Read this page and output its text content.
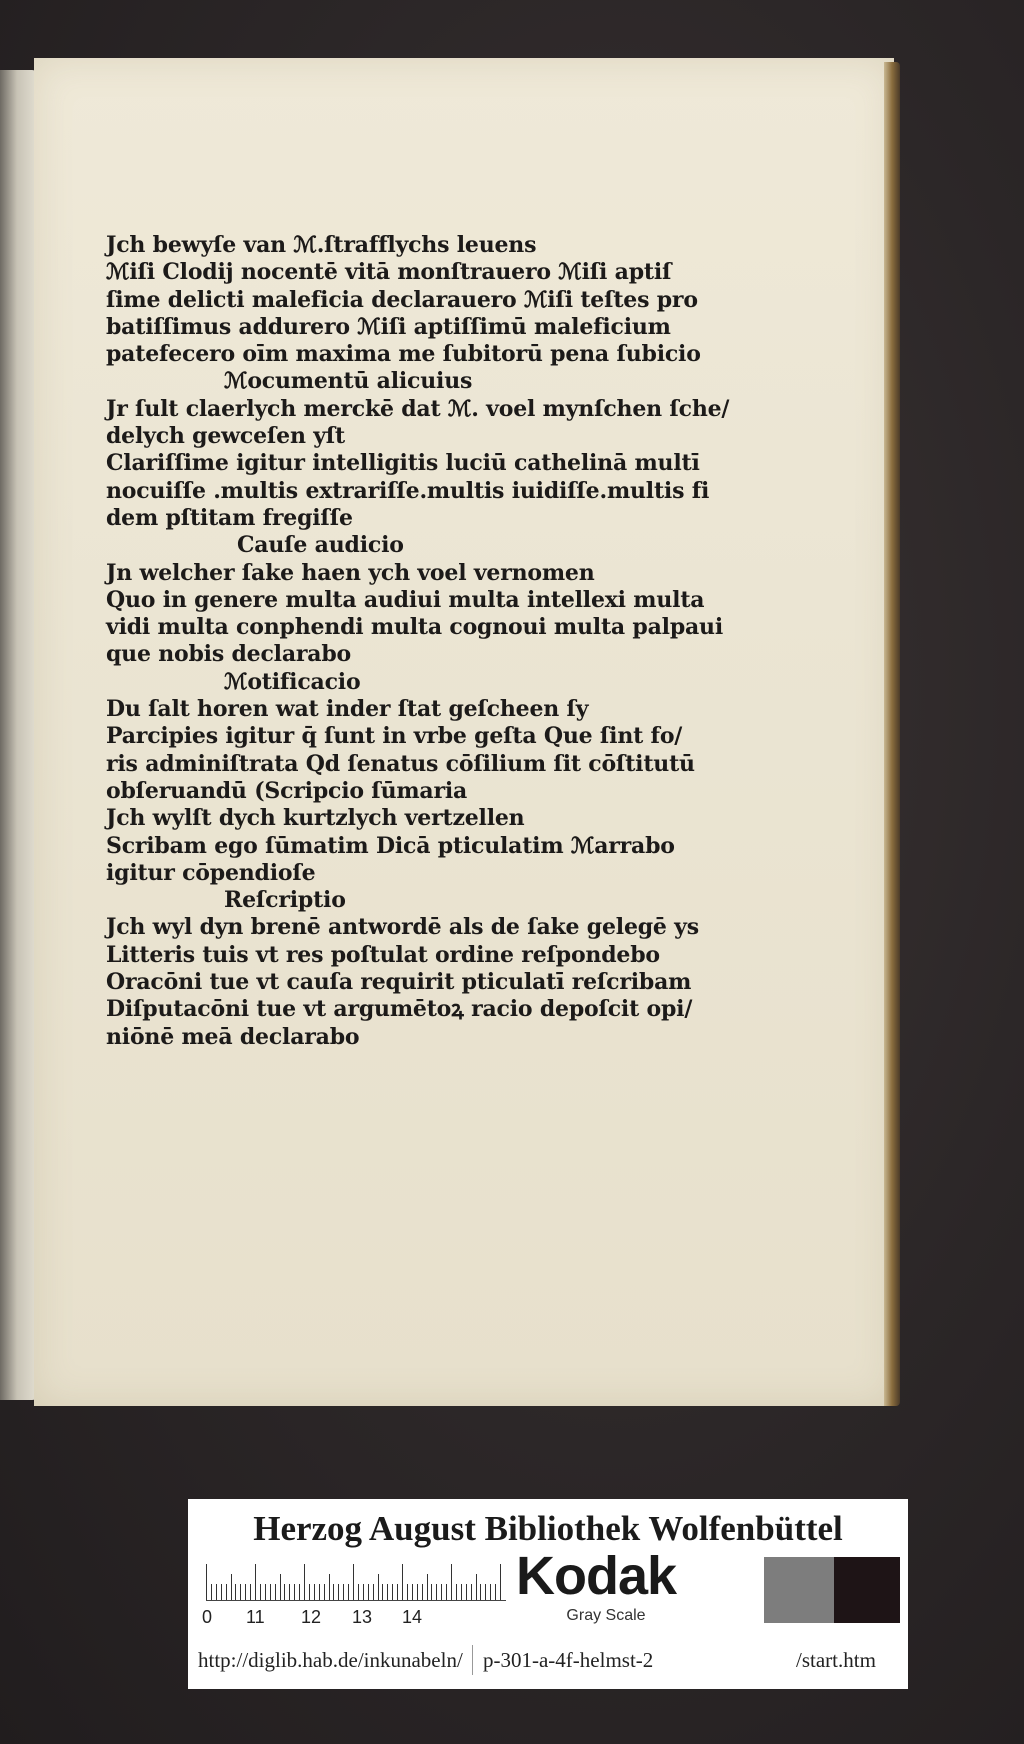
Jch bewyſe van ℳ.ſtrafflychs leuens
ℳiſi Clodij nocentē vitā monſtrauero ℳiſi aptiſ
ſime delicti maleficia declarauero ℳiſi teſtes pro
batiſſimus addurero ℳiſi aptiſſimū maleficium
patefecero oīm maxima me ſubitorū pena ſubicio
ℳocumentū alicuius
Jr ſult claerlych merckē dat ℳ. voel mynſchen ſche/
delych gewceſen yſt
Clariſſime igitur intelligitis luciū cathelinā multī
nocuiſſe .multis extrariſſe.multis iuidiſſe.multis fi
dem pſtitam fregiſſe
Cauſe audicio
Jn welcher ſake haen ych voel vernomen
Quo in genere multa audiui multa intellexi multa
vidi multa conphendi multa cognoui multa palpaui
que nobis declarabo
ℳotificacio
Du ſalt horen wat inder ſtat geſcheen ſy
Parcipies igitur q̄ ſunt in vrbe geſta Que ſint fo/
ris adminiſtrata Qd ſenatus cōſilium ſit cōſtitutū
obſeruandū (Scripcio ſūmaria
Jch wylſt dych kurtzlych vertzellen
Scribam ego ſūmatim Dicā pticulatim ℳarrabo
igitur cōpendioſe
Reſcriptio
Jch wyl dyn brenē antwordē als de ſake gelegē ys
Litteris tuis vt res poſtulat ordine reſpondebo
Oracōni tue vt cauſa requirit pticulatī reſcribam
Diſputacōni tue vt argumētoꝝ racio depoſcit opi/
niōnē meā declarabo
Herzog August Bibliothek Wolfenbüttel
0 11 12 13 14
Kodak
Gray Scale
http://diglib.hab.de/inkunabeln/ p-301-a-4f-helmst-2	/start.htm
